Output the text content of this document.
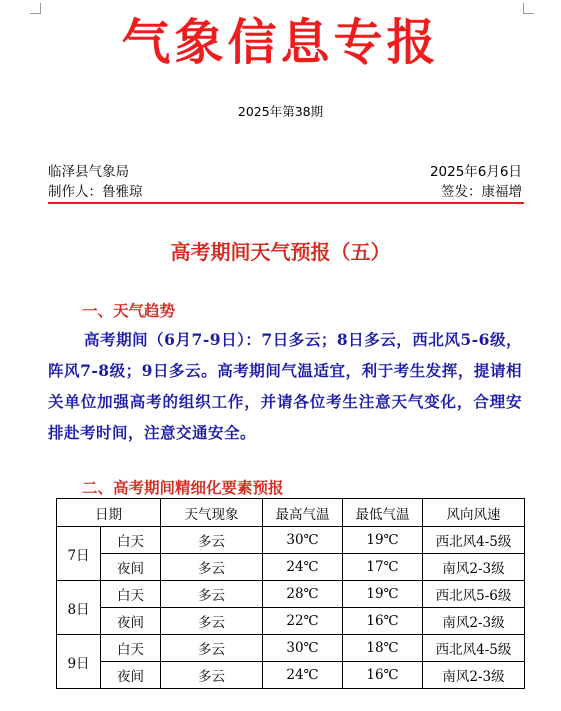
气象信息专报
2025年第38期
临泽县气象局	2025年6月6日
制作人：鲁雅琼	签发：康福增
高考期间天气预报（五）
一、天气趋势
高考期间（6月7-9日）：7日多云；8日多云，西北风5-6级，阵风7-8级；9日多云。高考期间气温适宜，利于考生发挥，提请相关单位加强高考的组织工作，并请各位考生注意天气变化，合理安排赴考时间，注意交通安全。
二、高考期间精细化要素预报
日期		天气现象	最高气温	最低气温	风向风速
7日	白天	多云	30℃	19℃	西北风4-5级
	夜间	多云	24℃	17℃	南风2-3级
8日	白天	多云	28℃	19℃	西北风5-6级
	夜间	多云	22℃	16℃	南风2-3级
9日	白天	多云	30℃	18℃	西北风4-5级
	夜间	多云	24℃	16℃	南风2-3级
